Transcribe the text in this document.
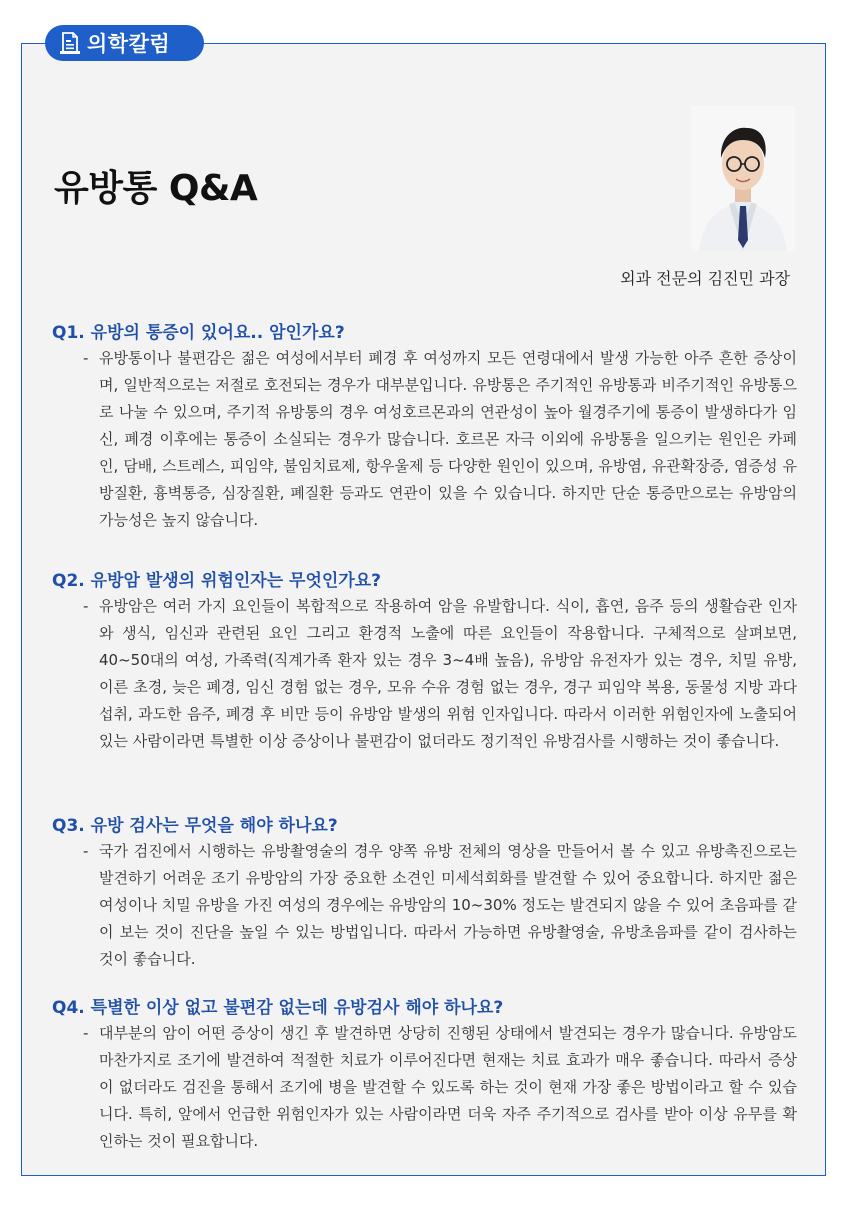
의학칼럼
유방통 Q&A
외과 전문의 김진민 과장

Q1. 유방의 통증이 있어요.. 암인가요?

- 유방통이나 불편감은 젊은 여성에서부터 폐경 후 여성까지 모든 연령대에서 발생 가능한 아주 흔한 증상이며, 일반적으로는 저절로 호전되는 경우가 대부분입니다. 유방통은 주기적인 유방통과 비주기적인 유방통으로 나눌 수 있으며, 주기적 유방통의 경우 여성호르몬과의 연관성이 높아 월경주기에 통증이 발생하다가 임신, 폐경 이후에는 통증이 소실되는 경우가 많습니다. 호르몬 자극 이외에 유방통을 일으키는 원인은 카페인, 담배, 스트레스, 피임약, 불임치료제, 항우울제 등 다양한 원인이 있으며, 유방염, 유관확장증, 염증성 유방질환, 흉벽통증, 심장질환, 폐질환 등과도 연관이 있을 수 있습니다. 하지만 단순 통증만으로는 유방암의 가능성은 높지 않습니다.

Q2. 유방암 발생의 위험인자는 무엇인가요?

- 유방암은 여러 가지 요인들이 복합적으로 작용하여 암을 유발합니다. 식이, 흡연, 음주 등의 생활습관 인자와 생식, 임신과 관련된 요인 그리고 환경적 노출에 따른 요인들이 작용합니다. 구체적으로 살펴보면, 40~50대의 여성, 가족력(직계가족 환자 있는 경우 3~4배 높음), 유방암 유전자가 있는 경우, 치밀 유방, 이른 초경, 늦은 폐경, 임신 경험 없는 경우, 모유 수유 경험 없는 경우, 경구 피임약 복용, 동물성 지방 과다 섭취, 과도한 음주, 폐경 후 비만 등이 유방암 발생의 위험 인자입니다. 따라서 이러한 위험인자에 노출되어 있는 사람이라면 특별한 이상 증상이나 불편감이 없더라도 정기적인 유방검사를 시행하는 것이 좋습니다.

Q3. 유방 검사는 무엇을 해야 하나요?

- 국가 검진에서 시행하는 유방촬영술의 경우 양쪽 유방 전체의 영상을 만들어서 볼 수 있고 유방촉진으로는 발견하기 어려운 조기 유방암의 가장 중요한 소견인 미세석회화를 발견할 수 있어 중요합니다. 하지만 젊은 여성이나 치밀 유방을 가진 여성의 경우에는 유방암의 10~30% 정도는 발견되지 않을 수 있어 초음파를 같이 보는 것이 진단을 높일 수 있는 방법입니다. 따라서 가능하면 유방촬영술, 유방초음파를 같이 검사하는 것이 좋습니다.

Q4. 특별한 이상 없고 불편감 없는데 유방검사 해야 하나요?

- 대부분의 암이 어떤 증상이 생긴 후 발견하면 상당히 진행된 상태에서 발견되는 경우가 많습니다. 유방암도 마찬가지로 조기에 발견하여 적절한 치료가 이루어진다면 현재는 치료 효과가 매우 좋습니다. 따라서 증상이 없더라도 검진을 통해서 조기에 병을 발견할 수 있도록 하는 것이 현재 가장 좋은 방법이라고 할 수 있습니다. 특히, 앞에서 언급한 위험인자가 있는 사람이라면 더욱 자주 주기적으로 검사를 받아 이상 유무를 확인하는 것이 필요합니다.
